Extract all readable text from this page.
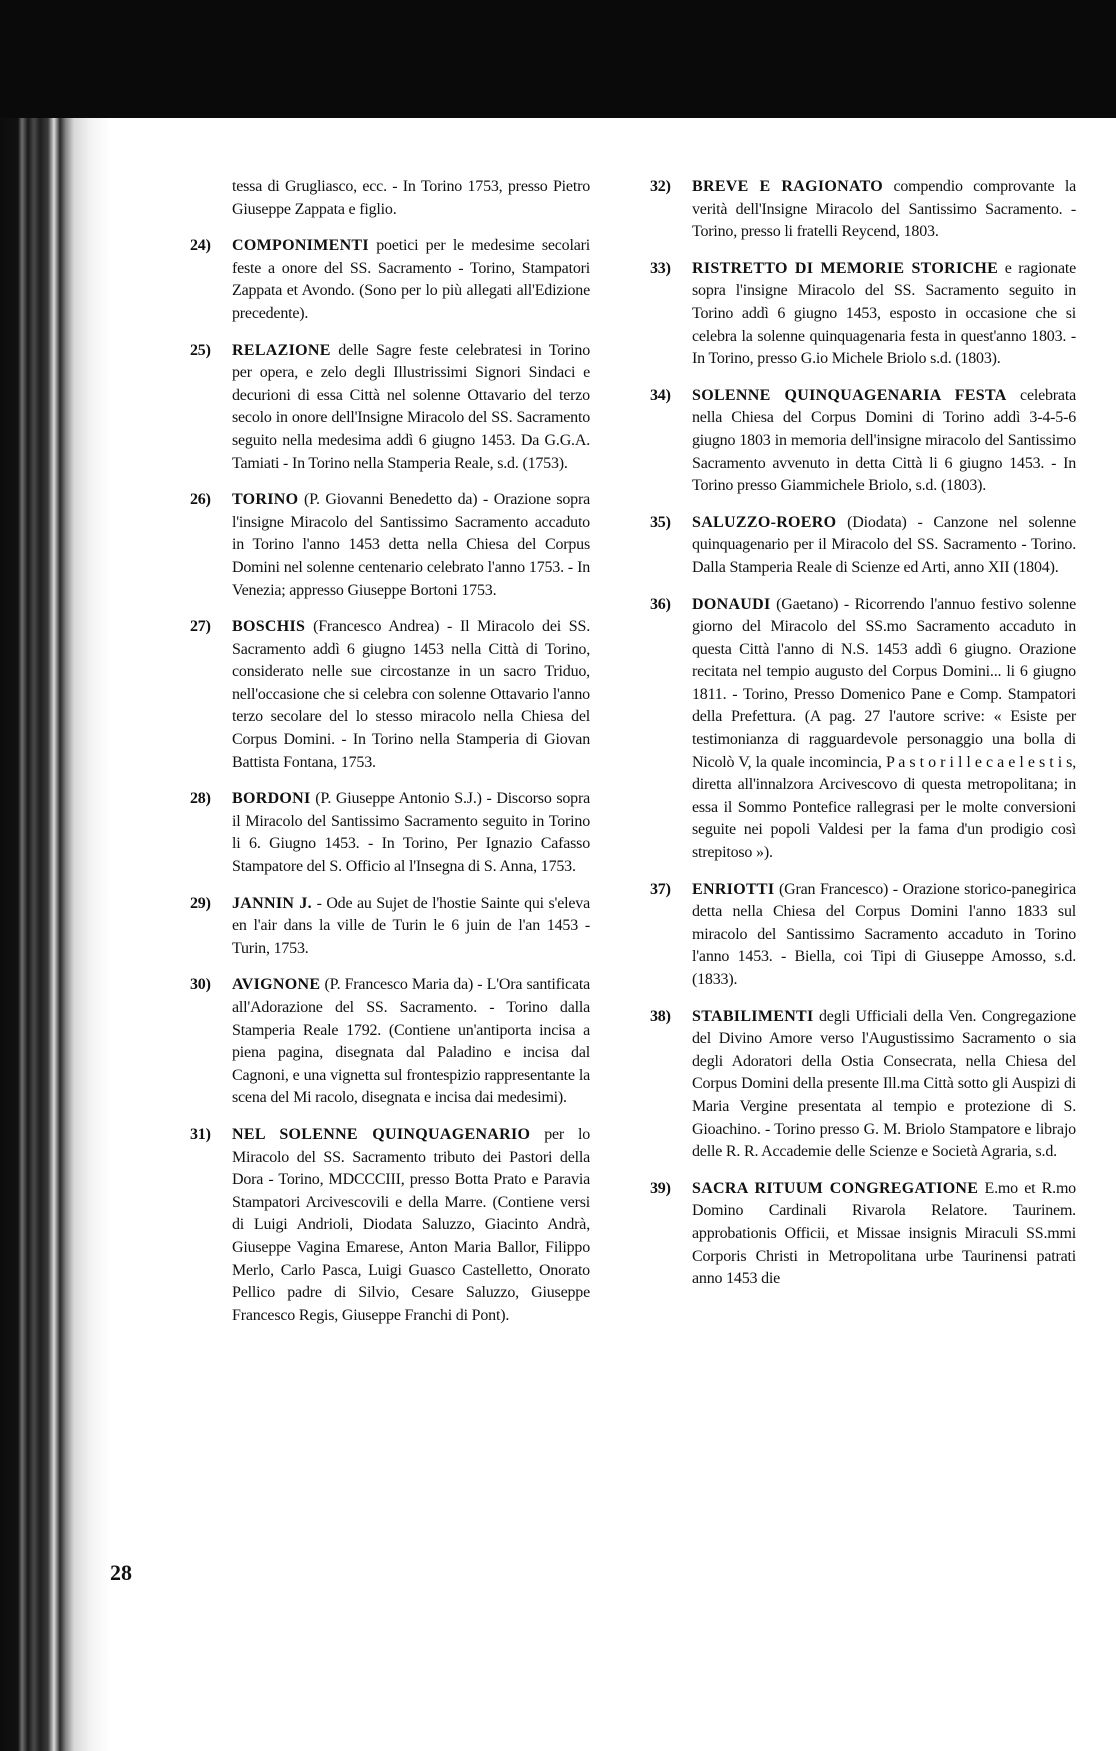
tessa di Grugliasco, ecc. - In Torino 1753, presso Pietro Giuseppe Zappata e figlio.
24)	COMPONIMENTI poetici per le medesime secolari feste a onore del SS. Sacramento - Torino, Stampatori Zappata et Avondo. (Sono per lo più allegati all'Edizione precedente).
25)	RELAZIONE delle Sagre feste celebratesi in Torino per opera, e zelo degli Illustrissimi Signori Sindaci e decurioni di essa Città nel solenne Ottavario del terzo secolo in onore dell'Insigne Miracolo del SS. Sacramento seguito nella medesima addì 6 giugno 1453. Da G.G.A. Tamiati - In Torino nella Stamperia Reale, s.d. (1753).
26)	TORINO (P. Giovanni Benedetto da) - Orazione sopra l'insigne Miracolo del Santissimo Sacramento accaduto in Torino l'anno 1453 detta nella Chiesa del Corpus Domini nel solenne centenario celebrato l'anno 1753. - In Venezia; appresso Giuseppe Bortoni 1753.
27)	BOSCHIS (Francesco Andrea) - Il Miracolo dei SS. Sacramento addì 6 giugno 1453 nella Città di Torino, considerato nelle sue circostanze in un sacro Triduo, nell'occasione che si celebra con solenne Ottavario l'anno terzo secolare del lo stesso miracolo nella Chiesa del Corpus Domini. - In Torino nella Stamperia di Giovan Battista Fontana, 1753.
28)	BORDONI (P. Giuseppe Antonio S.J.) - Discorso sopra il Miracolo del Santissimo Sacramento seguito in Torino li 6. Giugno 1453. - In Torino, Per Ignazio Cafasso Stampatore del S. Officio al l'Insegna di S. Anna, 1753.
29)	JANNIN J. - Ode au Sujet de l'hostie Sainte qui s'eleva en l'air dans la ville de Turin le 6 juin de l'an 1453 - Turin, 1753.
30)	AVIGNONE (P. Francesco Maria da) - L'Ora santificata all'Adorazione del SS. Sacramento. - Torino dalla Stamperia Reale 1792. (Contiene un'antiporta incisa a piena pagina, disegnata dal Paladino e incisa dal Cagnoni, e una vignetta sul frontespizio rappresentante la scena del Mi racolo, disegnata e incisa dai medesimi).
31)	NEL SOLENNE QUINQUAGENARIO per lo Miracolo del SS. Sacramento tributo dei Pastori della Dora - Torino, MDCCCIII, presso Botta Prato e Paravia Stampatori Arcivescovili e della Marre. (Contiene versi di Luigi Andrioli, Diodata Saluzzo, Giacinto Andrà, Giuseppe Vagina Emarese, Anton Maria Ballor, Filippo Merlo, Carlo Pasca, Luigi Guasco Castelletto, Onorato Pellico padre di Silvio, Cesare Saluzzo, Giuseppe Francesco Regis, Giuseppe Franchi di Pont).
32)	BREVE E RAGIONATO compendio comprovante la verità dell'Insigne Miracolo del Santissimo Sacramento. - Torino, presso li fratelli Reycend, 1803.
33)	RISTRETTO DI MEMORIE STORICHE e ragionate sopra l'insigne Miracolo del SS. Sacramento seguito in Torino addì 6 giugno 1453, esposto in occasione che si celebra la solenne quinquagenaria festa in quest'anno 1803. - In Torino, presso G.io Michele Briolo s.d. (1803).
34)	SOLENNE QUINQUAGENARIA FESTA celebrata nella Chiesa del Corpus Domini di Torino addì 3-4-5-6 giugno 1803 in memoria dell'insigne miracolo del Santissimo Sacramento avvenuto in detta Città li 6 giugno 1453. - In Torino presso Giammichele Briolo, s.d. (1803).
35)	SALUZZO-ROERO (Diodata) - Canzone nel solenne quinquagenario per il Miracolo del SS. Sacramento - Torino. Dalla Stamperia Reale di Scienze ed Arti, anno XII (1804).
36)	DONAUDI (Gaetano) - Ricorrendo l'annuo festivo solenne giorno del Miracolo del SS.mo Sacramento accaduto in questa Città l'anno di N.S. 1453 addì 6 giugno. Orazione recitata nel tempio augusto del Corpus Domini... li 6 giugno 1811. - Torino, Presso Domenico Pane e Comp. Stampatori della Prefettura. (A pag. 27 l'autore scrive: « Esiste per testimonianza di ragguardevole personaggio una bolla di Nicolò V, la quale incomincia, P a s t o r i l l e c a e l e s t i s, diretta all'innalzora Arcivescovo di questa metropolitana; in essa il Sommo Pontefice rallegrasi per le molte conversioni seguite nei popoli Valdesi per la fama d'un prodigio così strepitoso »).
37)	ENRIOTTI (Gran Francesco) - Orazione storico-panegirica detta nella Chiesa del Corpus Domini l'anno 1833 sul miracolo del Santissimo Sacramento accaduto in Torino l'anno 1453. - Biella, coi Tipi di Giuseppe Amosso, s.d. (1833).
38)	STABILIMENTI degli Ufficiali della Ven. Congregazione del Divino Amore verso l'Augustissimo Sacramento o sia degli Adoratori della Ostia Consecrata, nella Chiesa del Corpus Domini della presente Ill.ma Città sotto gli Auspizi di Maria Vergine presentata al tempio e protezione di S. Gioachino. - Torino presso G. M. Briolo Stampatore e librajo delle R. R. Accademie delle Scienze e Società Agraria, s.d.
39)	SACRA RITUUM CONGREGATIONE E.mo et R.mo Domino Cardinali Rivarola Relatore. Taurinem. approbationis Officii, et Missae insignis Miraculi SS.mmi Corporis Christi in Metropolitana urbe Taurinensi patrati anno 1453 die
28
